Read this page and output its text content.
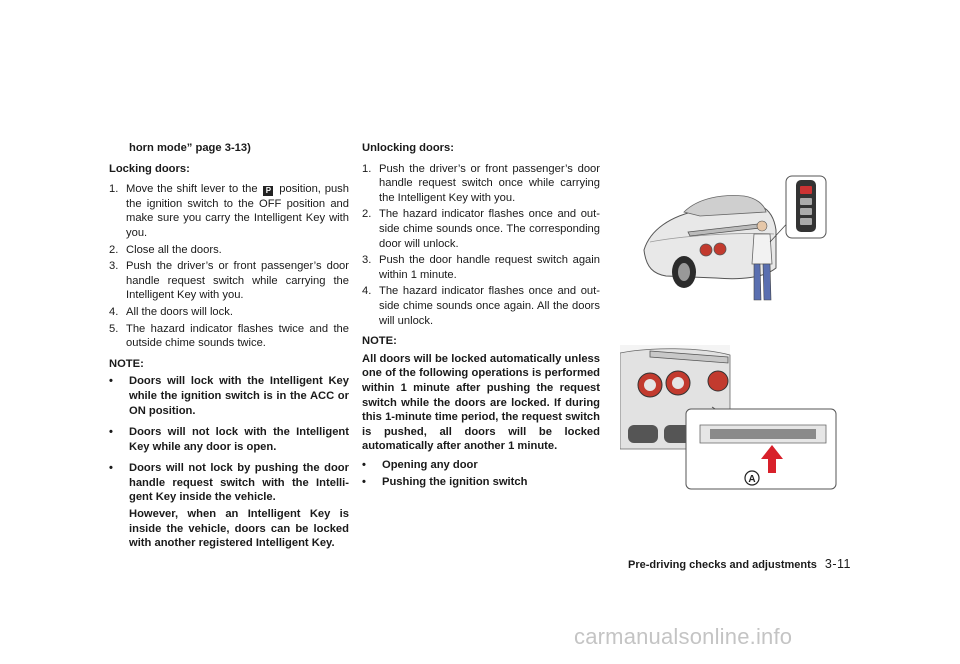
horn mode” page 3-13)
Locking doors:
1. Move the shift lever to the P position, push the ignition switch to the OFF position and make sure you carry the Intelligent Key with you.
2. Close all the doors.
3. Push the driver’s or front passenger’s door handle request switch while carrying the Intelligent Key with you.
4. All the doors will lock.
5. The hazard indicator flashes twice and the outside chime sounds twice.
NOTE:
• Doors will lock with the Intelligent Key while the ignition switch is in the ACC or ON position.
• Doors will not lock with the Intelligent Key while any door is open.
• Doors will not lock by pushing the door handle request switch with the Intelli- gent Key inside the vehicle.
However, when an Intelligent Key is inside the vehicle, doors can be locked with another registered Intelligent Key.
Unlocking doors:
1. Push the driver’s or front passenger’s door handle request switch once while carrying the Intelligent Key with you.
2. The hazard indicator flashes once and out- side chime sounds once. The corresponding door will unlock.
3. Push the door handle request switch again within 1 minute.
4. The hazard indicator flashes once and out- side chime sounds once again. All the doors will unlock.
NOTE:
All doors will be locked automatically unless one of the following operations is performed within 1 minute after pushing the request switch while the doors are locked. If during this 1-minute time period, the request switch is pushed, all doors will be locked automatically after another 1 minute.
• Opening any door
• Pushing the ignition switch	A
Pre-driving checks and adjustments 3-11
carmanualsonline.info
